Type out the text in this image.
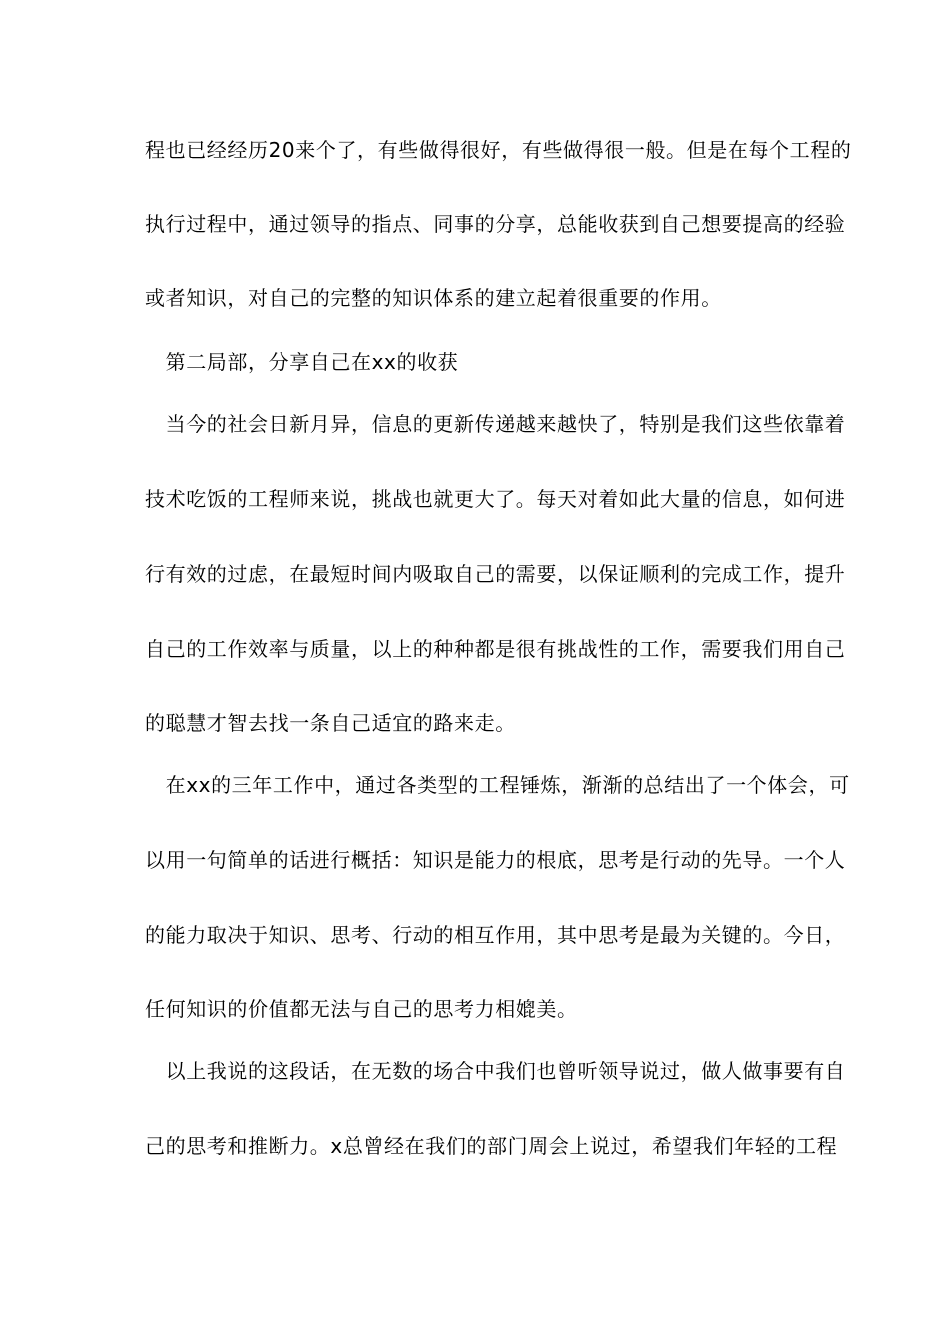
程也已经经历20来个了，有些做得很好，有些做得很一般。但是在每个工程的
执行过程中，通过领导的指点、同事的分享，总能收获到自己想要提高的经验
或者知识，对自己的完整的知识体系的建立起着很重要的作用。
　第二局部，分享自己在xx的收获
　当今的社会日新月异，信息的更新传递越来越快了，特别是我们这些依靠着
技术吃饭的工程师来说，挑战也就更大了。每天对着如此大量的信息，如何进
行有效的过虑，在最短时间内吸取自己的需要，以保证顺利的完成工作，提升
自己的工作效率与质量，以上的种种都是很有挑战性的工作，需要我们用自己
的聪慧才智去找一条自己适宜的路来走。
　在xx的三年工作中，通过各类型的工程锤炼，渐渐的总结出了一个体会，可
以用一句简单的话进行概括：知识是能力的根底，思考是行动的先导。一个人
的能力取决于知识、思考、行动的相互作用，其中思考是最为关键的。今日，
任何知识的价值都无法与自己的思考力相媲美。
　以上我说的这段话，在无数的场合中我们也曾听领导说过，做人做事要有自
己的思考和推断力。x总曾经在我们的部门周会上说过，希望我们年轻的工程
